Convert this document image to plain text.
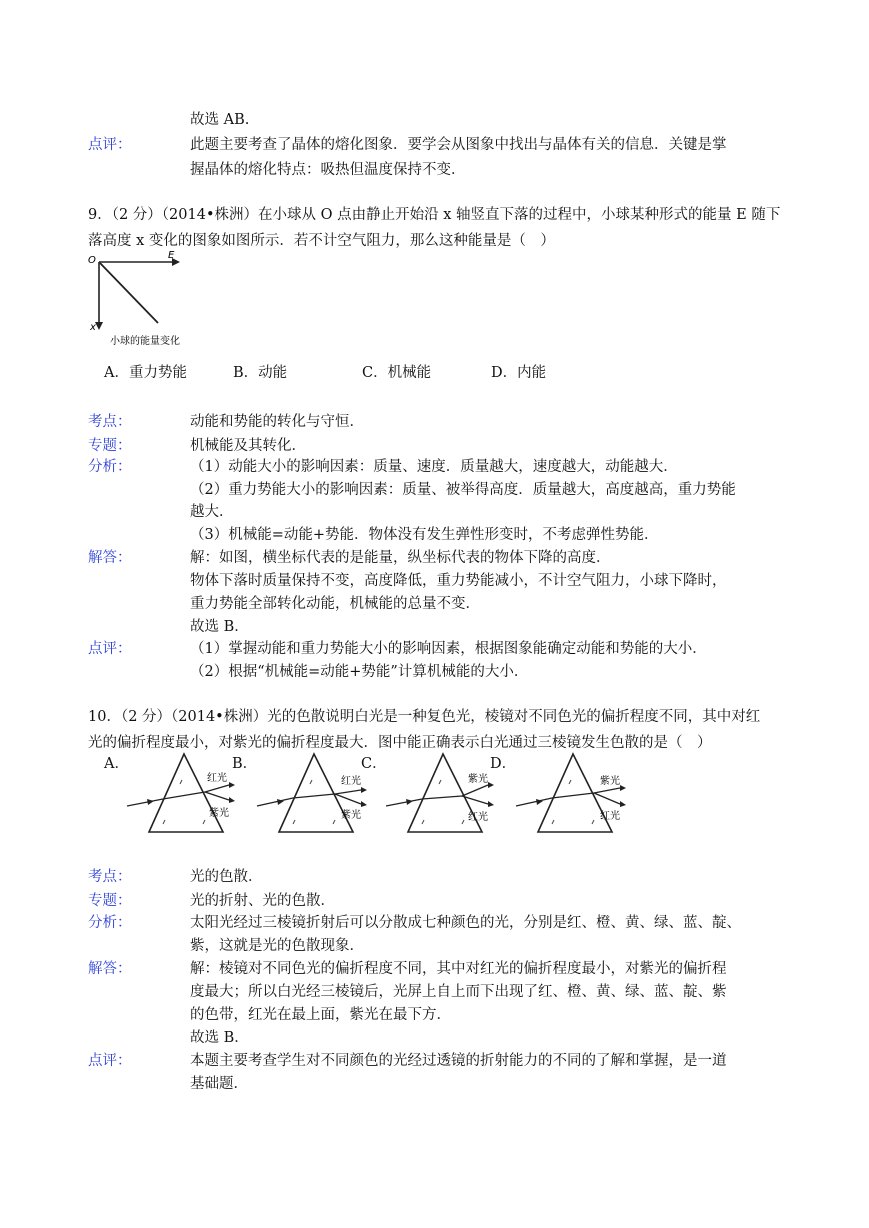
故选 AB.
点评：	此题主要考查了晶体的熔化图象．要学会从图象中找出与晶体有关的信息．关键是掌
握晶体的熔化特点：吸热但温度保持不变．
9．（2 分）（2014•株洲）在小球从 O 点由静止开始沿 x 轴竖直下落的过程中，小球某种形式的能量 E 随下
落高度 x 变化的图象如图所示．若不计空气阻力，那么这种能量是（　）
O	E
x
小球的能量变化
A．重力势能	B．动能	C．机械能	D．内能
考点：	动能和势能的转化与守恒．
专题：	机械能及其转化．
分析：	（1）动能大小的影响因素：质量、速度．质量越大，速度越大，动能越大．
（2）重力势能大小的影响因素：质量、被举得高度．质量越大，高度越高，重力势能
越大．
（3）机械能=动能+势能．物体没有发生弹性形变时，不考虑弹性势能．
解答：	解：如图，横坐标代表的是能量，纵坐标代表的物体下降的高度．
物体下落时质量保持不变，高度降低，重力势能减小，不计空气阻力，小球下降时，
重力势能全部转化动能，机械能的总量不变．
故选 B．
点评：	（1）掌握动能和重力势能大小的影响因素，根据图象能确定动能和势能的大小．
（2）根据“机械能=动能+势能”计算机械能的大小．
10．（2 分）（2014•株洲）光的色散说明白光是一种复色光，棱镜对不同色光的偏折程度不同，其中对红
光的偏折程度最小，对紫光的偏折程度最大．图中能正确表示白光通过三棱镜发生色散的是（　）
A．
红光
紫光
B．
红光
紫光
C．
紫光
红光
D．
紫光
红光
考点：	光的色散．
专题：	光的折射、光的色散．
分析：	太阳光经过三棱镜折射后可以分散成七种颜色的光，分别是红、橙、黄、绿、蓝、靛、
紫，这就是光的色散现象．
解答：	解：棱镜对不同色光的偏折程度不同，其中对红光的偏折程度最小，对紫光的偏折程
度最大；所以白光经三棱镜后，光屏上自上而下出现了红、橙、黄、绿、蓝、靛、紫
的色带，红光在最上面，紫光在最下方．
故选 B．
点评：	本题主要考查学生对不同颜色的光经过透镜的折射能力的不同的了解和掌握，是一道
基础题．
